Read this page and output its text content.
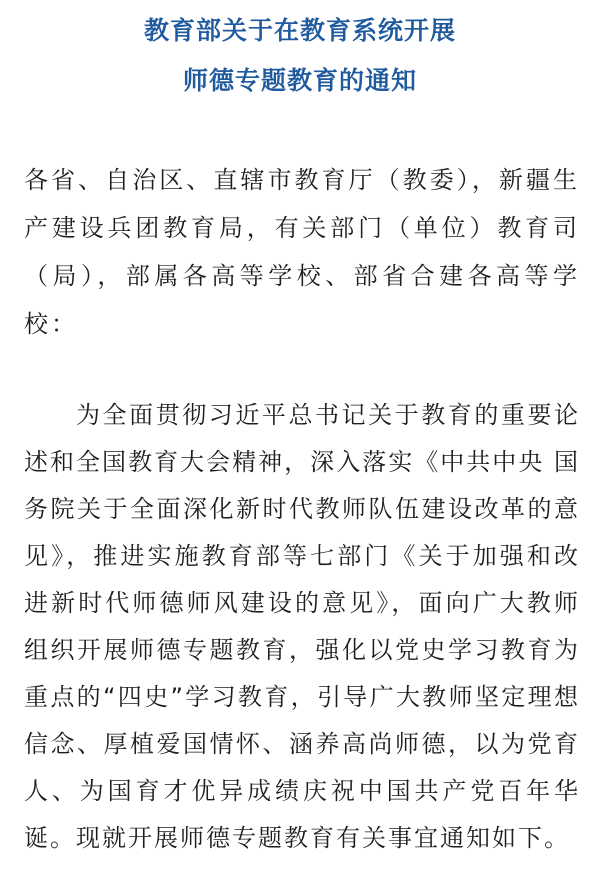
教育部关于在教育系统开展
师德专题教育的通知

各省、自治区、直辖市教育厅（教委），新疆生产建设兵团教育局，有关部门（单位）教育司（局），部属各高等学校、部省合建各高等学校：

为全面贯彻习近平总书记关于教育的重要论述和全国教育大会精神，深入落实《中共中央 国务院关于全面深化新时代教师队伍建设改革的意见》，推进实施教育部等七部门《关于加强和改进新时代师德师风建设的意见》，面向广大教师组织开展师德专题教育，强化以党史学习教育为重点的“四史”学习教育，引导广大教师坚定理想信念、厚植爱国情怀、涵养高尚师德，以为党育人、为国育才优异成绩庆祝中国共产党百年华诞。现就开展师德专题教育有关事宜通知如下。
